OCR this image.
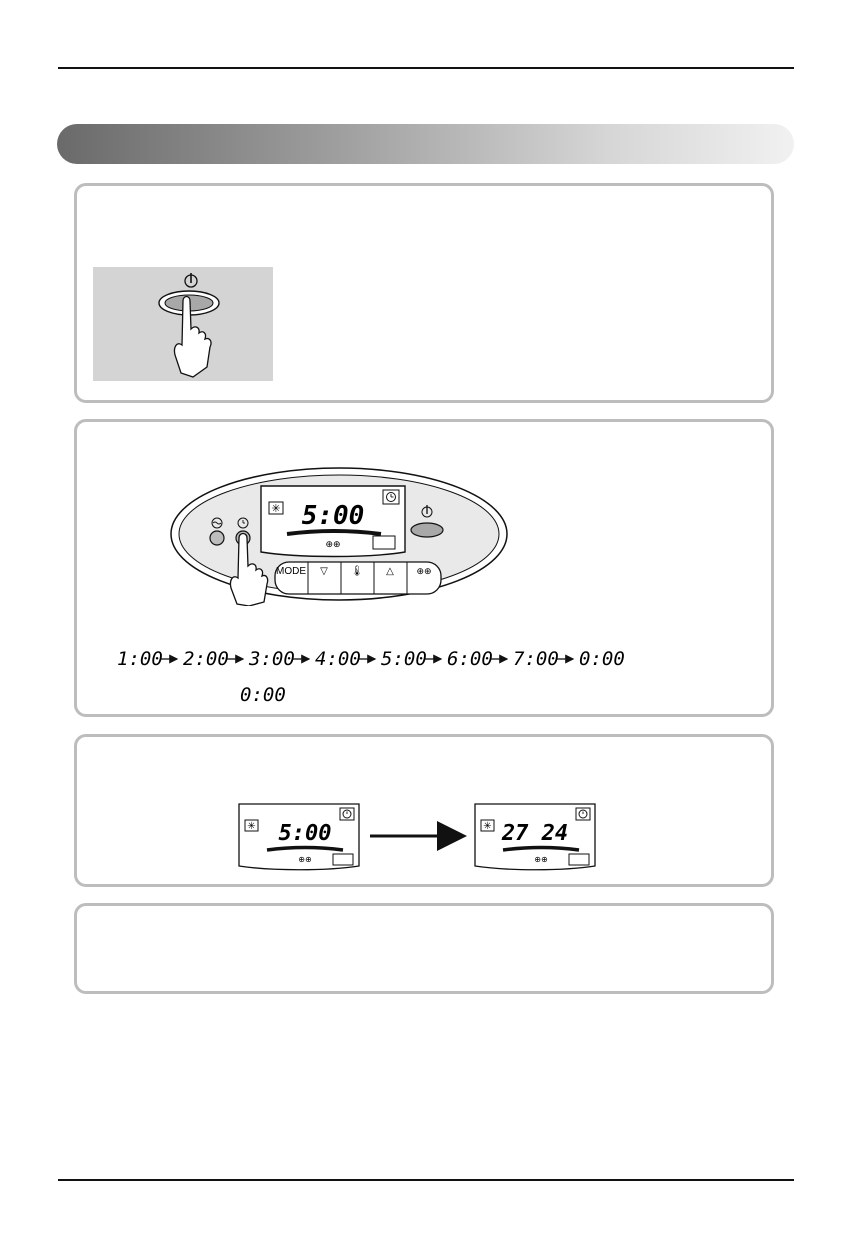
✳ 5:00
⊕⊕
MODE ▽ 🌡 △	⊕⊕
1:00 2:00 3:00 4:00 5:00 6:00 7:00 0:00
0:00
✳ 5:00
⊕⊕
✳ 27 24
⊕⊕
